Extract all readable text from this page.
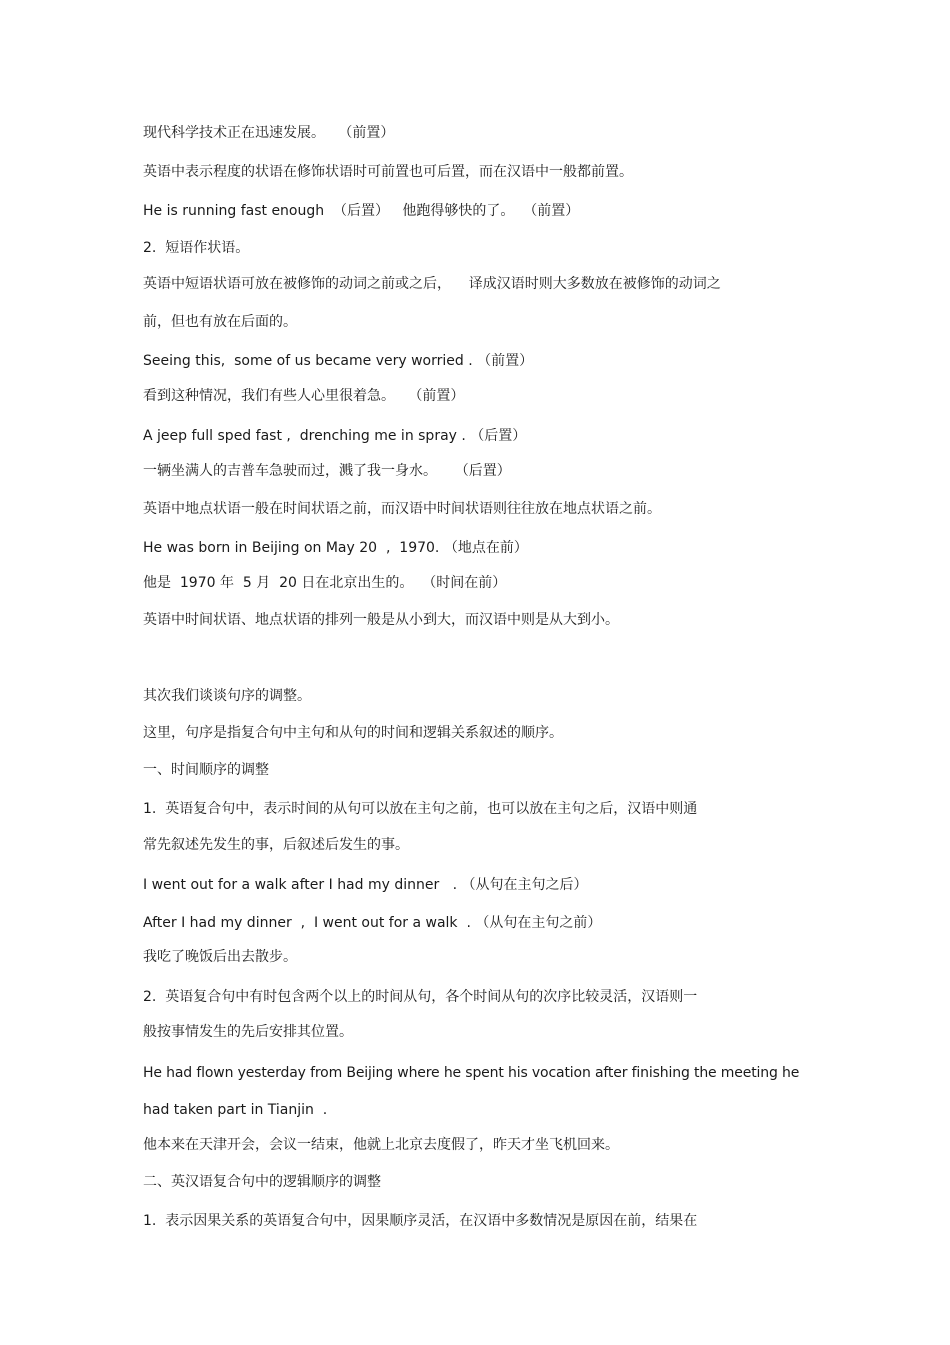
现代科学技术正在迅速发展。   （前置）

英语中表示程度的状语在修饰状语时可前置也可后置，而在汉语中一般都前置。

He is running fast enough  （后置）   他跑得够快的了。  （前置）

2.  短语作状语。

英语中短语状语可放在被修饰的动词之前或之后，    译成汉语时则大多数放在被修饰的动词之

前，但也有放在后面的。

Seeing this,  some of us became very worried . （前置）

看到这种情况，我们有些人心里很着急。   （前置）

A jeep full sped fast ,  drenching me in spray . （后置）

一辆坐满人的吉普车急驶而过，溅了我一身水。    （后置）

英语中地点状语一般在时间状语之前，而汉语中时间状语则往往放在地点状语之前。

He was born in Beijing on May 20  ,  1970. （地点在前）

他是  1970 年  5 月  20 日在北京出生的。  （时间在前）

英语中时间状语、地点状语的排列一般是从小到大，而汉语中则是从大到小。

其次我们谈谈句序的调整。

这里，句序是指复合句中主句和从句的时间和逻辑关系叙述的顺序。

一、时间顺序的调整

1.  英语复合句中，表示时间的从句可以放在主句之前，也可以放在主句之后，汉语中则通

常先叙述先发生的事，后叙述后发生的事。

I went out for a walk after I had my dinner   . （从句在主句之后）

After I had my dinner  ,  I went out for a walk  . （从句在主句之前）

我吃了晚饭后出去散步。

2.  英语复合句中有时包含两个以上的时间从句，各个时间从句的次序比较灵活，汉语则一

般按事情发生的先后安排其位置。

He had flown yesterday from Beijing where he spent his vocation after finishing the meeting he

had taken part in Tianjin  .

他本来在天津开会，会议一结束，他就上北京去度假了，昨天才坐飞机回来。

二、英汉语复合句中的逻辑顺序的调整

1.  表示因果关系的英语复合句中，因果顺序灵活，在汉语中多数情况是原因在前，结果在
